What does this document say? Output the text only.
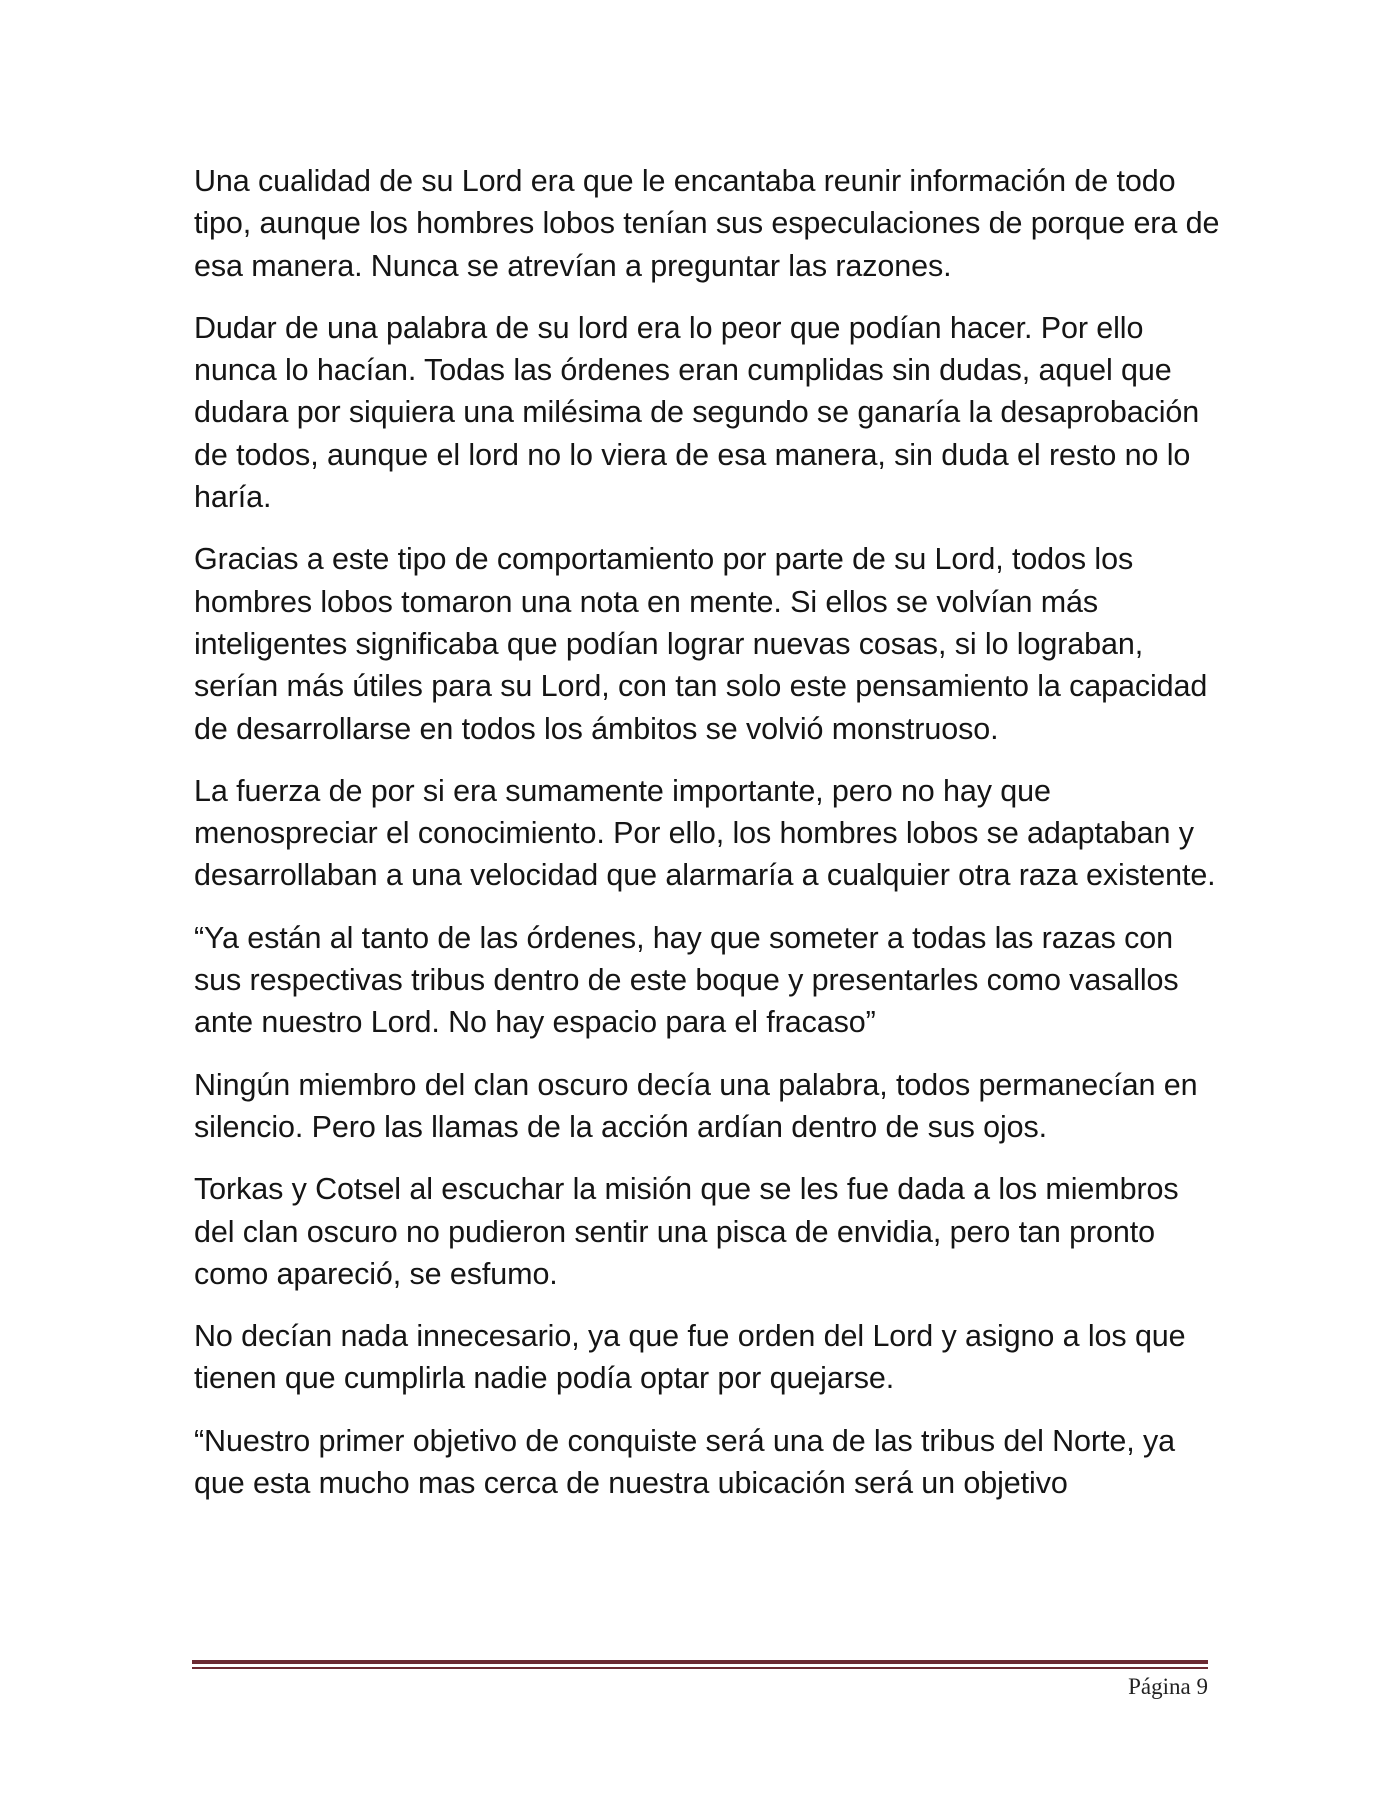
Una cualidad de su Lord era que le encantaba reunir información de todo tipo, aunque los hombres lobos tenían sus especulaciones de porque era de esa manera. Nunca se atrevían a preguntar las razones.

Dudar de una palabra de su lord era lo peor que podían hacer. Por ello nunca lo hacían. Todas las órdenes eran cumplidas sin dudas, aquel que dudara por siquiera una milésima de segundo se ganaría la desaprobación de todos, aunque el lord no lo viera de esa manera, sin duda el resto no lo haría.

Gracias a este tipo de comportamiento por parte de su Lord, todos los hombres lobos tomaron una nota en mente. Si ellos se volvían más inteligentes significaba que podían lograr nuevas cosas, si lo lograban, serían más útiles para su Lord, con tan solo este pensamiento la capacidad de desarrollarse en todos los ámbitos se volvió monstruoso.

La fuerza de por si era sumamente importante, pero no hay que menospreciar el conocimiento. Por ello, los hombres lobos se adaptaban y desarrollaban a una velocidad que alarmaría a cualquier otra raza existente.

“Ya están al tanto de las órdenes, hay que someter a todas las razas con sus respectivas tribus dentro de este boque y presentarles como vasallos ante nuestro Lord. No hay espacio para el fracaso”

Ningún miembro del clan oscuro decía una palabra, todos permanecían en silencio. Pero las llamas de la acción ardían dentro de sus ojos.

Torkas y Cotsel al escuchar la misión que se les fue dada a los miembros del clan oscuro no pudieron sentir una pisca de envidia, pero tan pronto como apareció, se esfumo.

No decían nada innecesario, ya que fue orden del Lord y asigno a los que tienen que cumplirla nadie podía optar por quejarse.

“Nuestro primer objetivo de conquiste será una de las tribus del Norte, ya que esta mucho mas cerca de nuestra ubicación será un objetivo

Página 9
